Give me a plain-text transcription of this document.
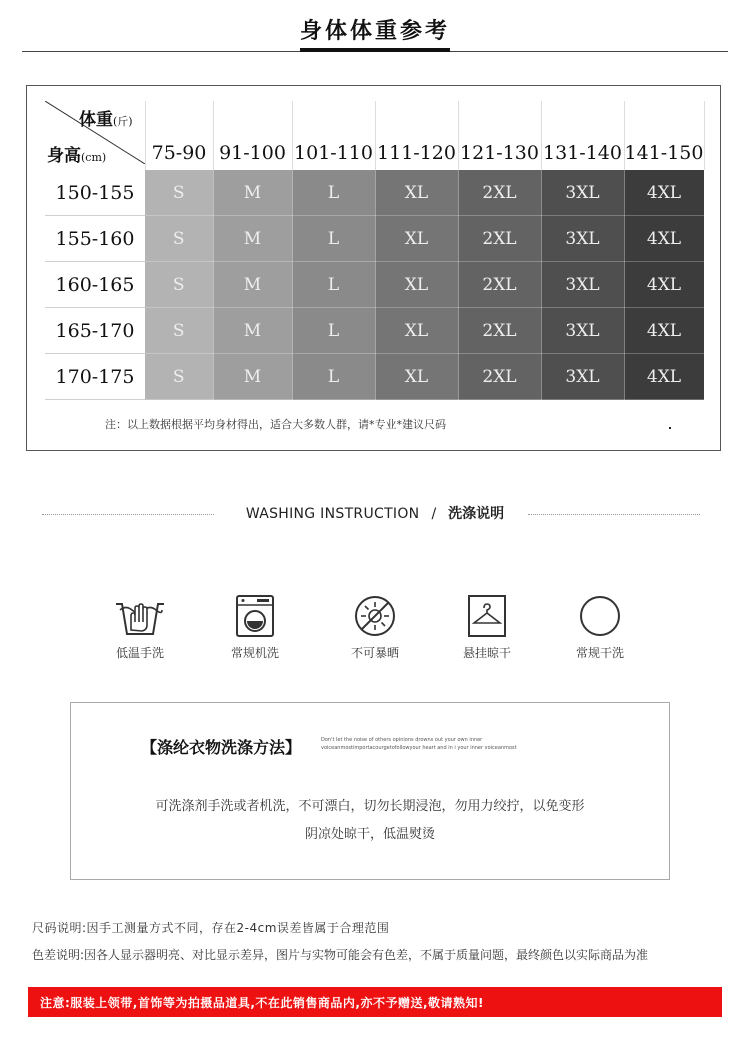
身体体重参考
体重(斤)
身高(cm)	75-90	91-100	101-110	111-120	121-130	131-140	141-150
150-155	S	M	L	XL	2XL	3XL	4XL
155-160	S	M	L	XL	2XL	3XL	4XL
160-165	S	M	L	XL	2XL	3XL	4XL
165-170	S	M	L	XL	2XL	3XL	4XL
170-175	S	M	L	XL	2XL	3XL	4XL
注：以上数据根据平均身材得出，适合大多数人群，请*专业*建议尺码
WASHING INSTRUCTION / 洗涤说明
低温手洗	常规机洗	不可暴晒	悬挂晾干	常规干洗
【涤纶衣物洗涤方法】	Don't let the noise of others opinions drowns out your own inner
voiceanmostimportacourgetofollowyour heart and in i your inner voiceanmost
可洗涤剂手洗或者机洗，不可漂白，切勿长期浸泡，勿用力绞拧，以免变形
阴凉处晾干，低温熨烫
尺码说明:因手工测量方式不同，存在2-4cm误差皆属于合理范围
色差说明:因各人显示器明亮、对比显示差异，图片与实物可能会有色差，不属于质量问题，最终颜色以实际商品为准
注意:服装上领带,首饰等为拍摄品道具,不在此销售商品内,亦不予赠送,敬请熟知!
